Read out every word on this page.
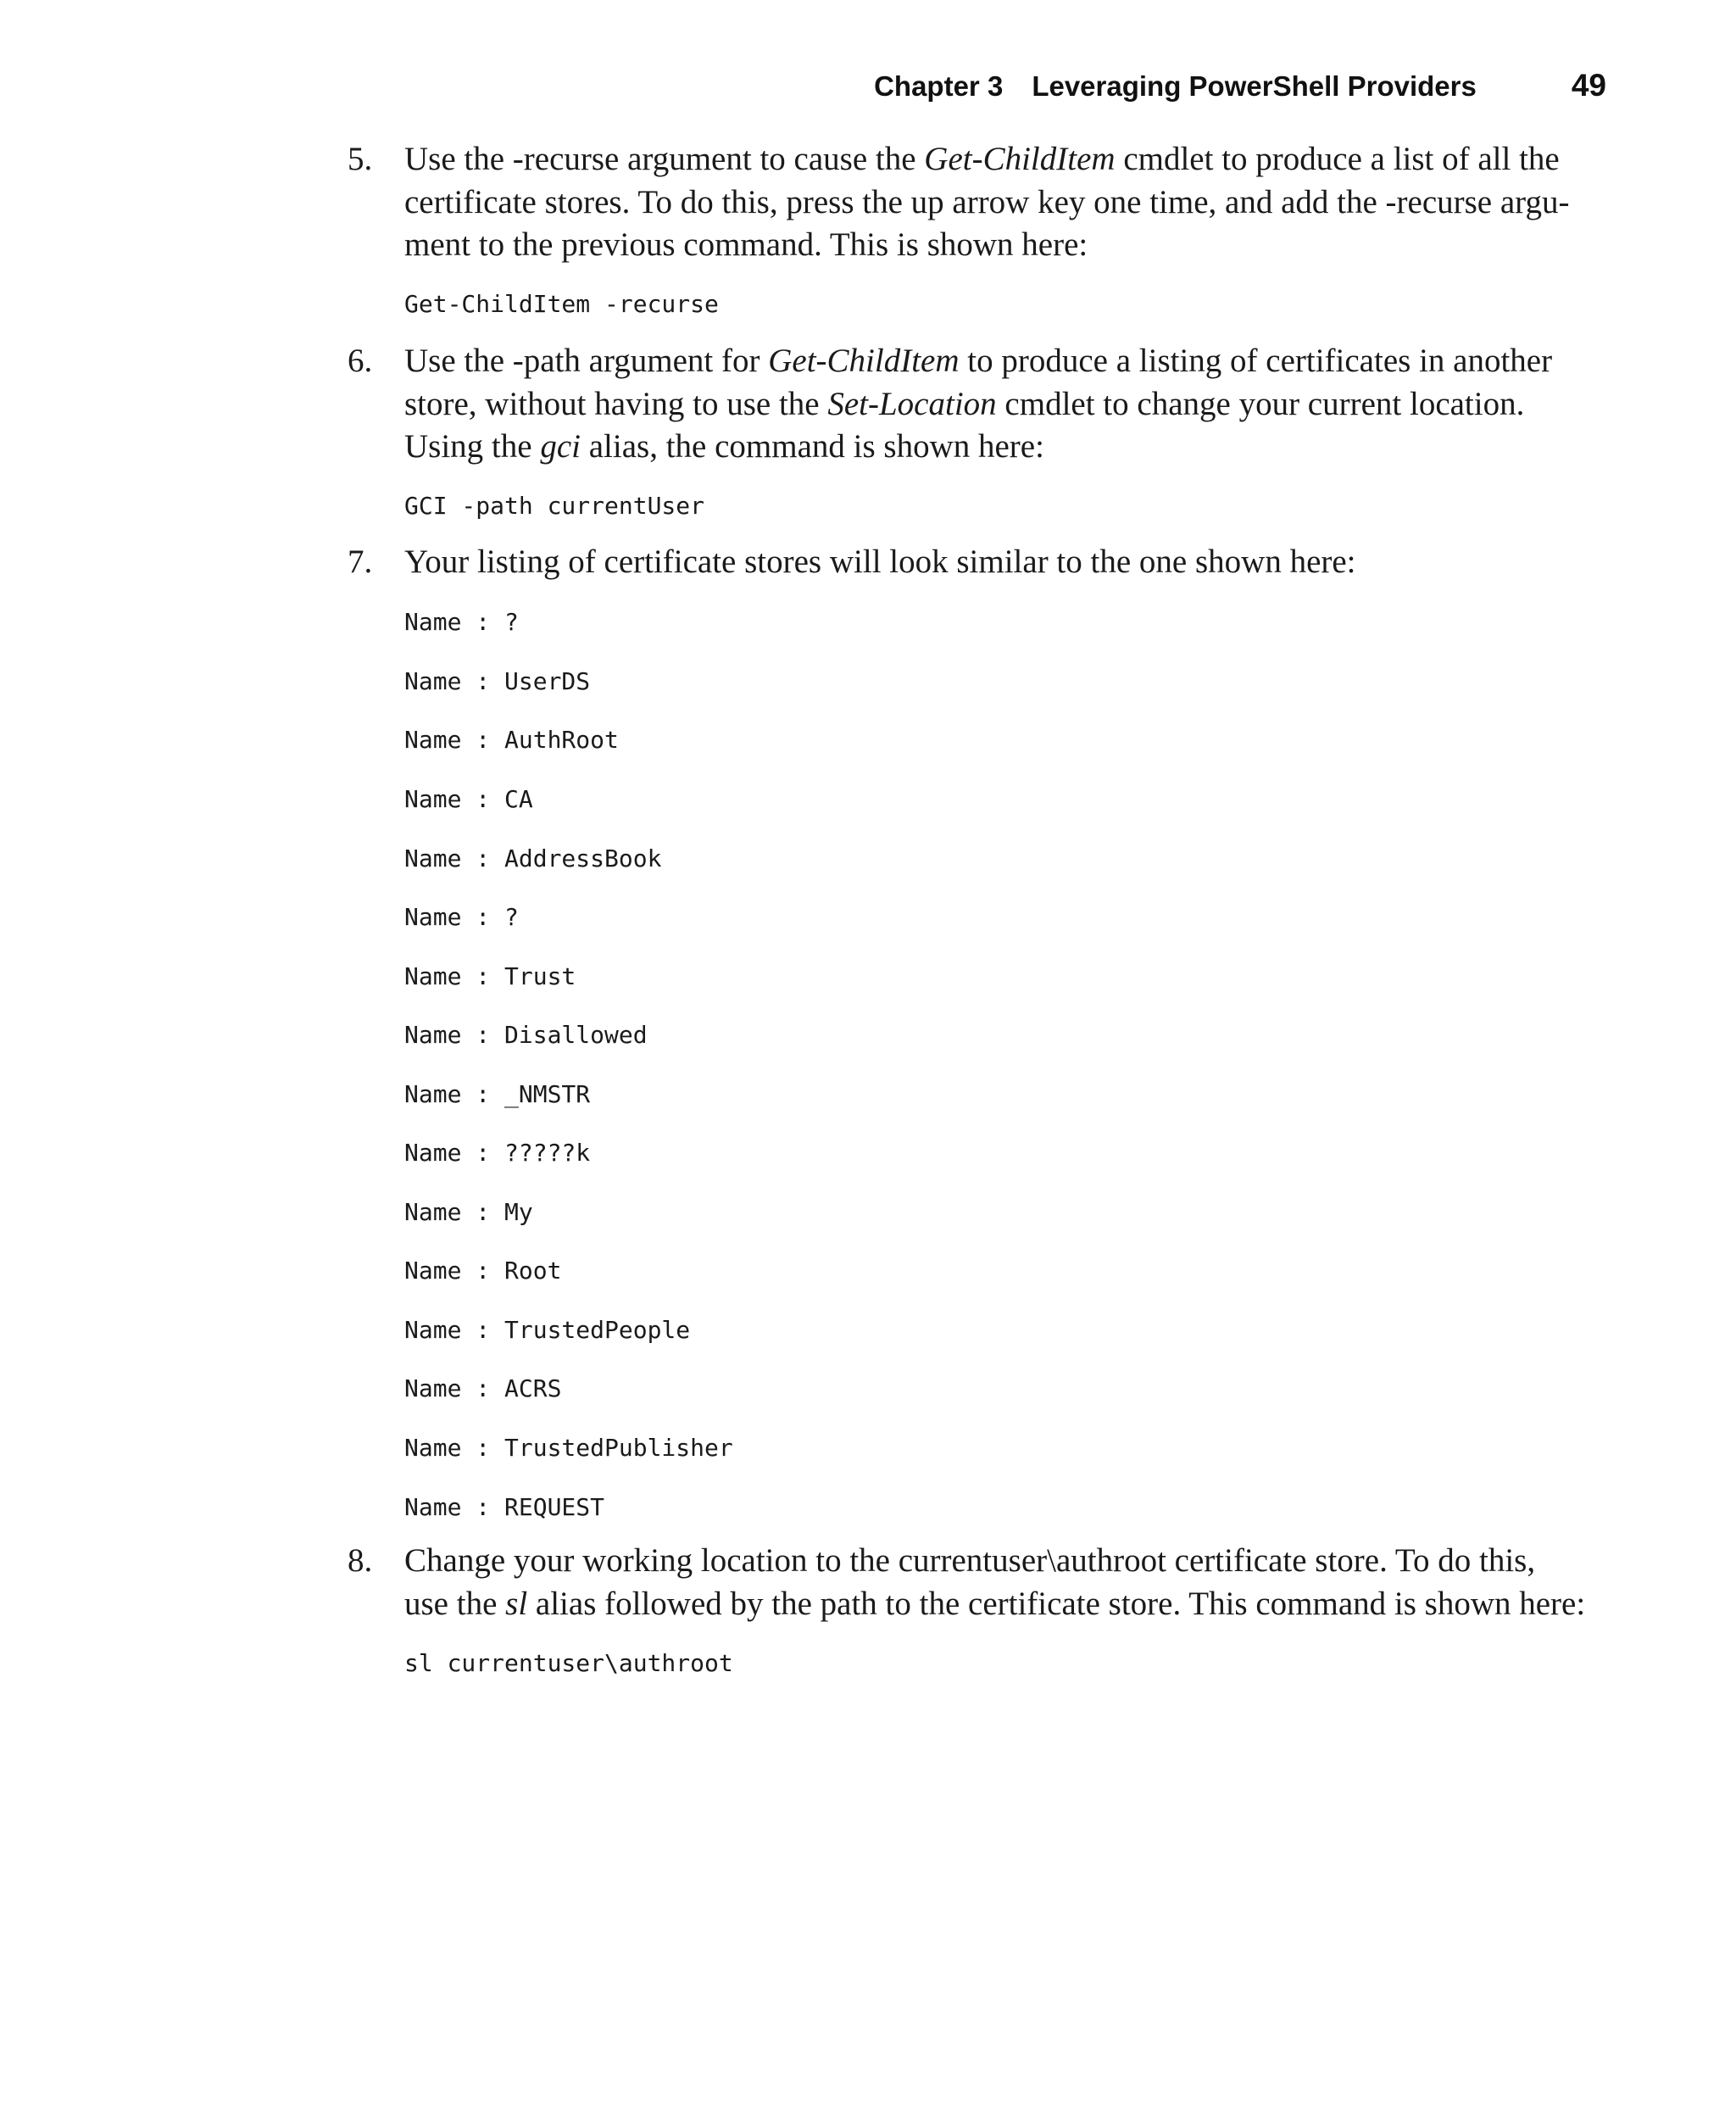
Chapter 3 Leveraging PowerShell Providers	49
5. Use the -recurse argument to cause the Get-ChildItem cmdlet to produce a list of all the
certificate stores. To do this, press the up arrow key one time, and add the -recurse argu-
ment to the previous command. This is shown here:
Get-ChildItem -recurse
6. Use the -path argument for Get-ChildItem to produce a listing of certificates in another
store, without having to use the Set-Location cmdlet to change your current location.
Using the gci alias, the command is shown here:
GCI -path currentUser
7. Your listing of certificate stores will look similar to the one shown here:
Name : ?
Name : UserDS
Name : AuthRoot
Name : CA
Name : AddressBook
Name : ?
Name : Trust
Name : Disallowed
Name : _NMSTR
Name : ?????k
Name : My
Name : Root
Name : TrustedPeople
Name : ACRS
Name : TrustedPublisher
Name : REQUEST
8. Change your working location to the currentuser\authroot certificate store. To do this,
use the sl alias followed by the path to the certificate store. This command is shown here:
sl currentuser\authroot
